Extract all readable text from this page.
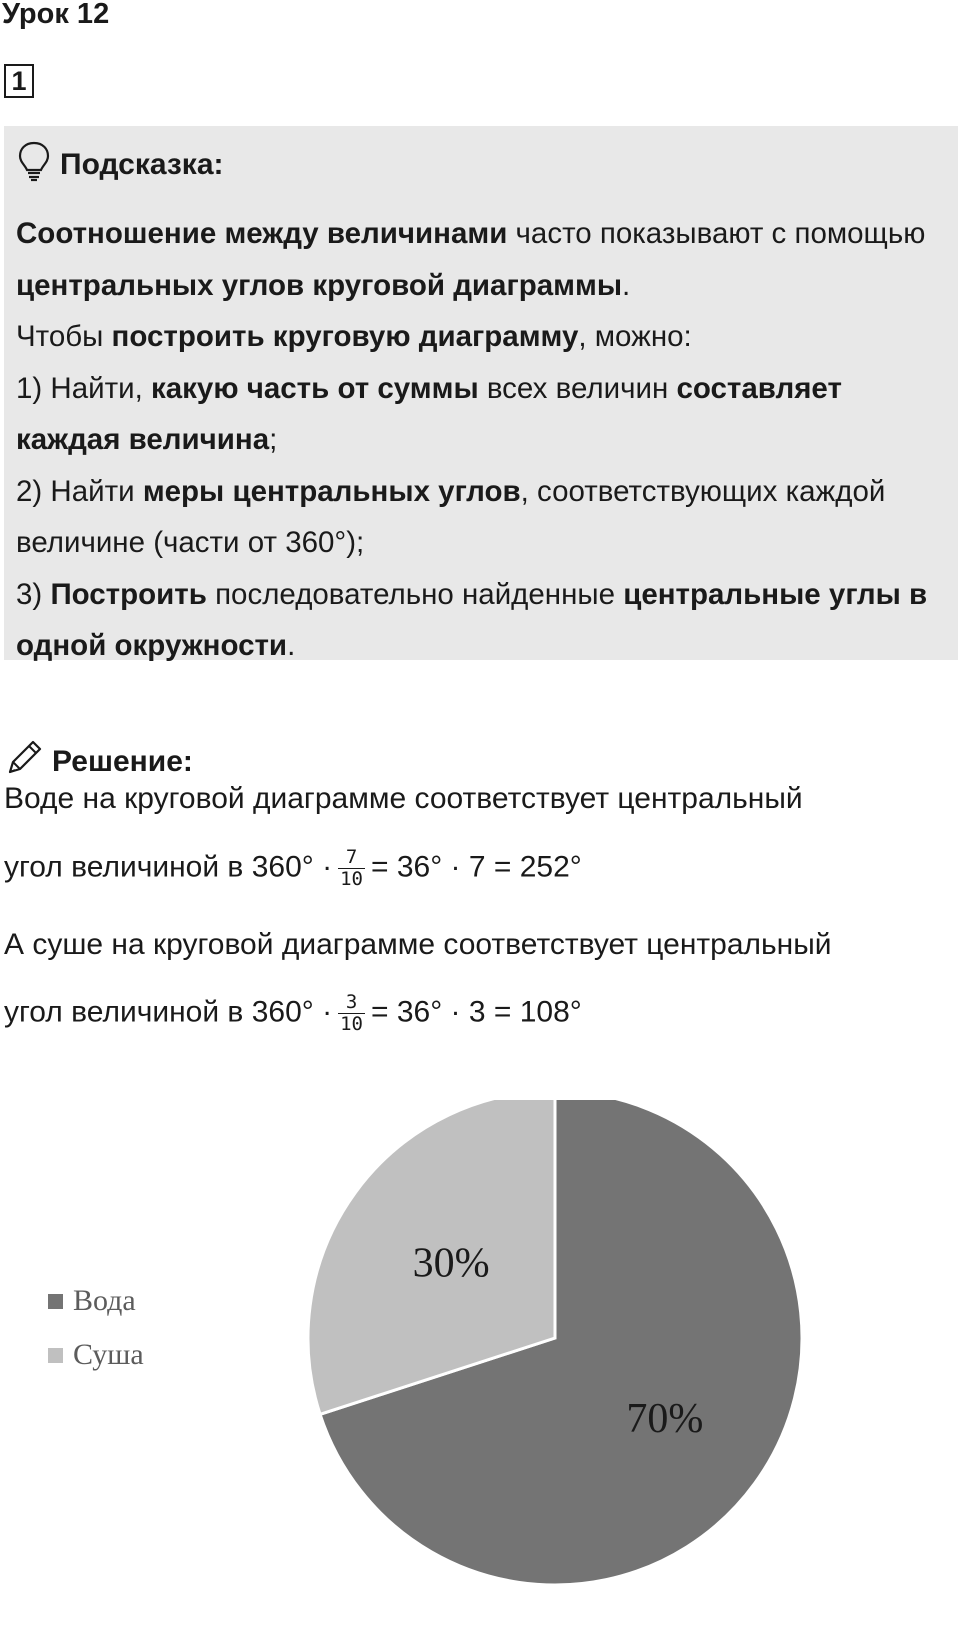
Урок 12
1
Подсказка:
Соотношение между величинами часто показывают с помощью центральных углов круговой диаграммы.
Чтобы построить круговую диаграмму, можно:
1) Найти, какую часть от суммы всех величин составляет каждая величина;
2) Найти меры центральных углов, соответствующих каждой величине (части от 360°);
3) Построить последовательно найденные центральные углы в одной окружности.
Решение:
Воде на круговой диаграмме соответствует центральный
угол величиной в $360^\circ \cdot \frac{7}{10} = 36^\circ \cdot 7 = 252^\circ$
А суше на круговой диаграмме соответствует центральный
угол величиной в $360^\circ \cdot \frac{3}{10} = 36^\circ \cdot 3 = 108^\circ$
70%
30%
Вода
Суша
